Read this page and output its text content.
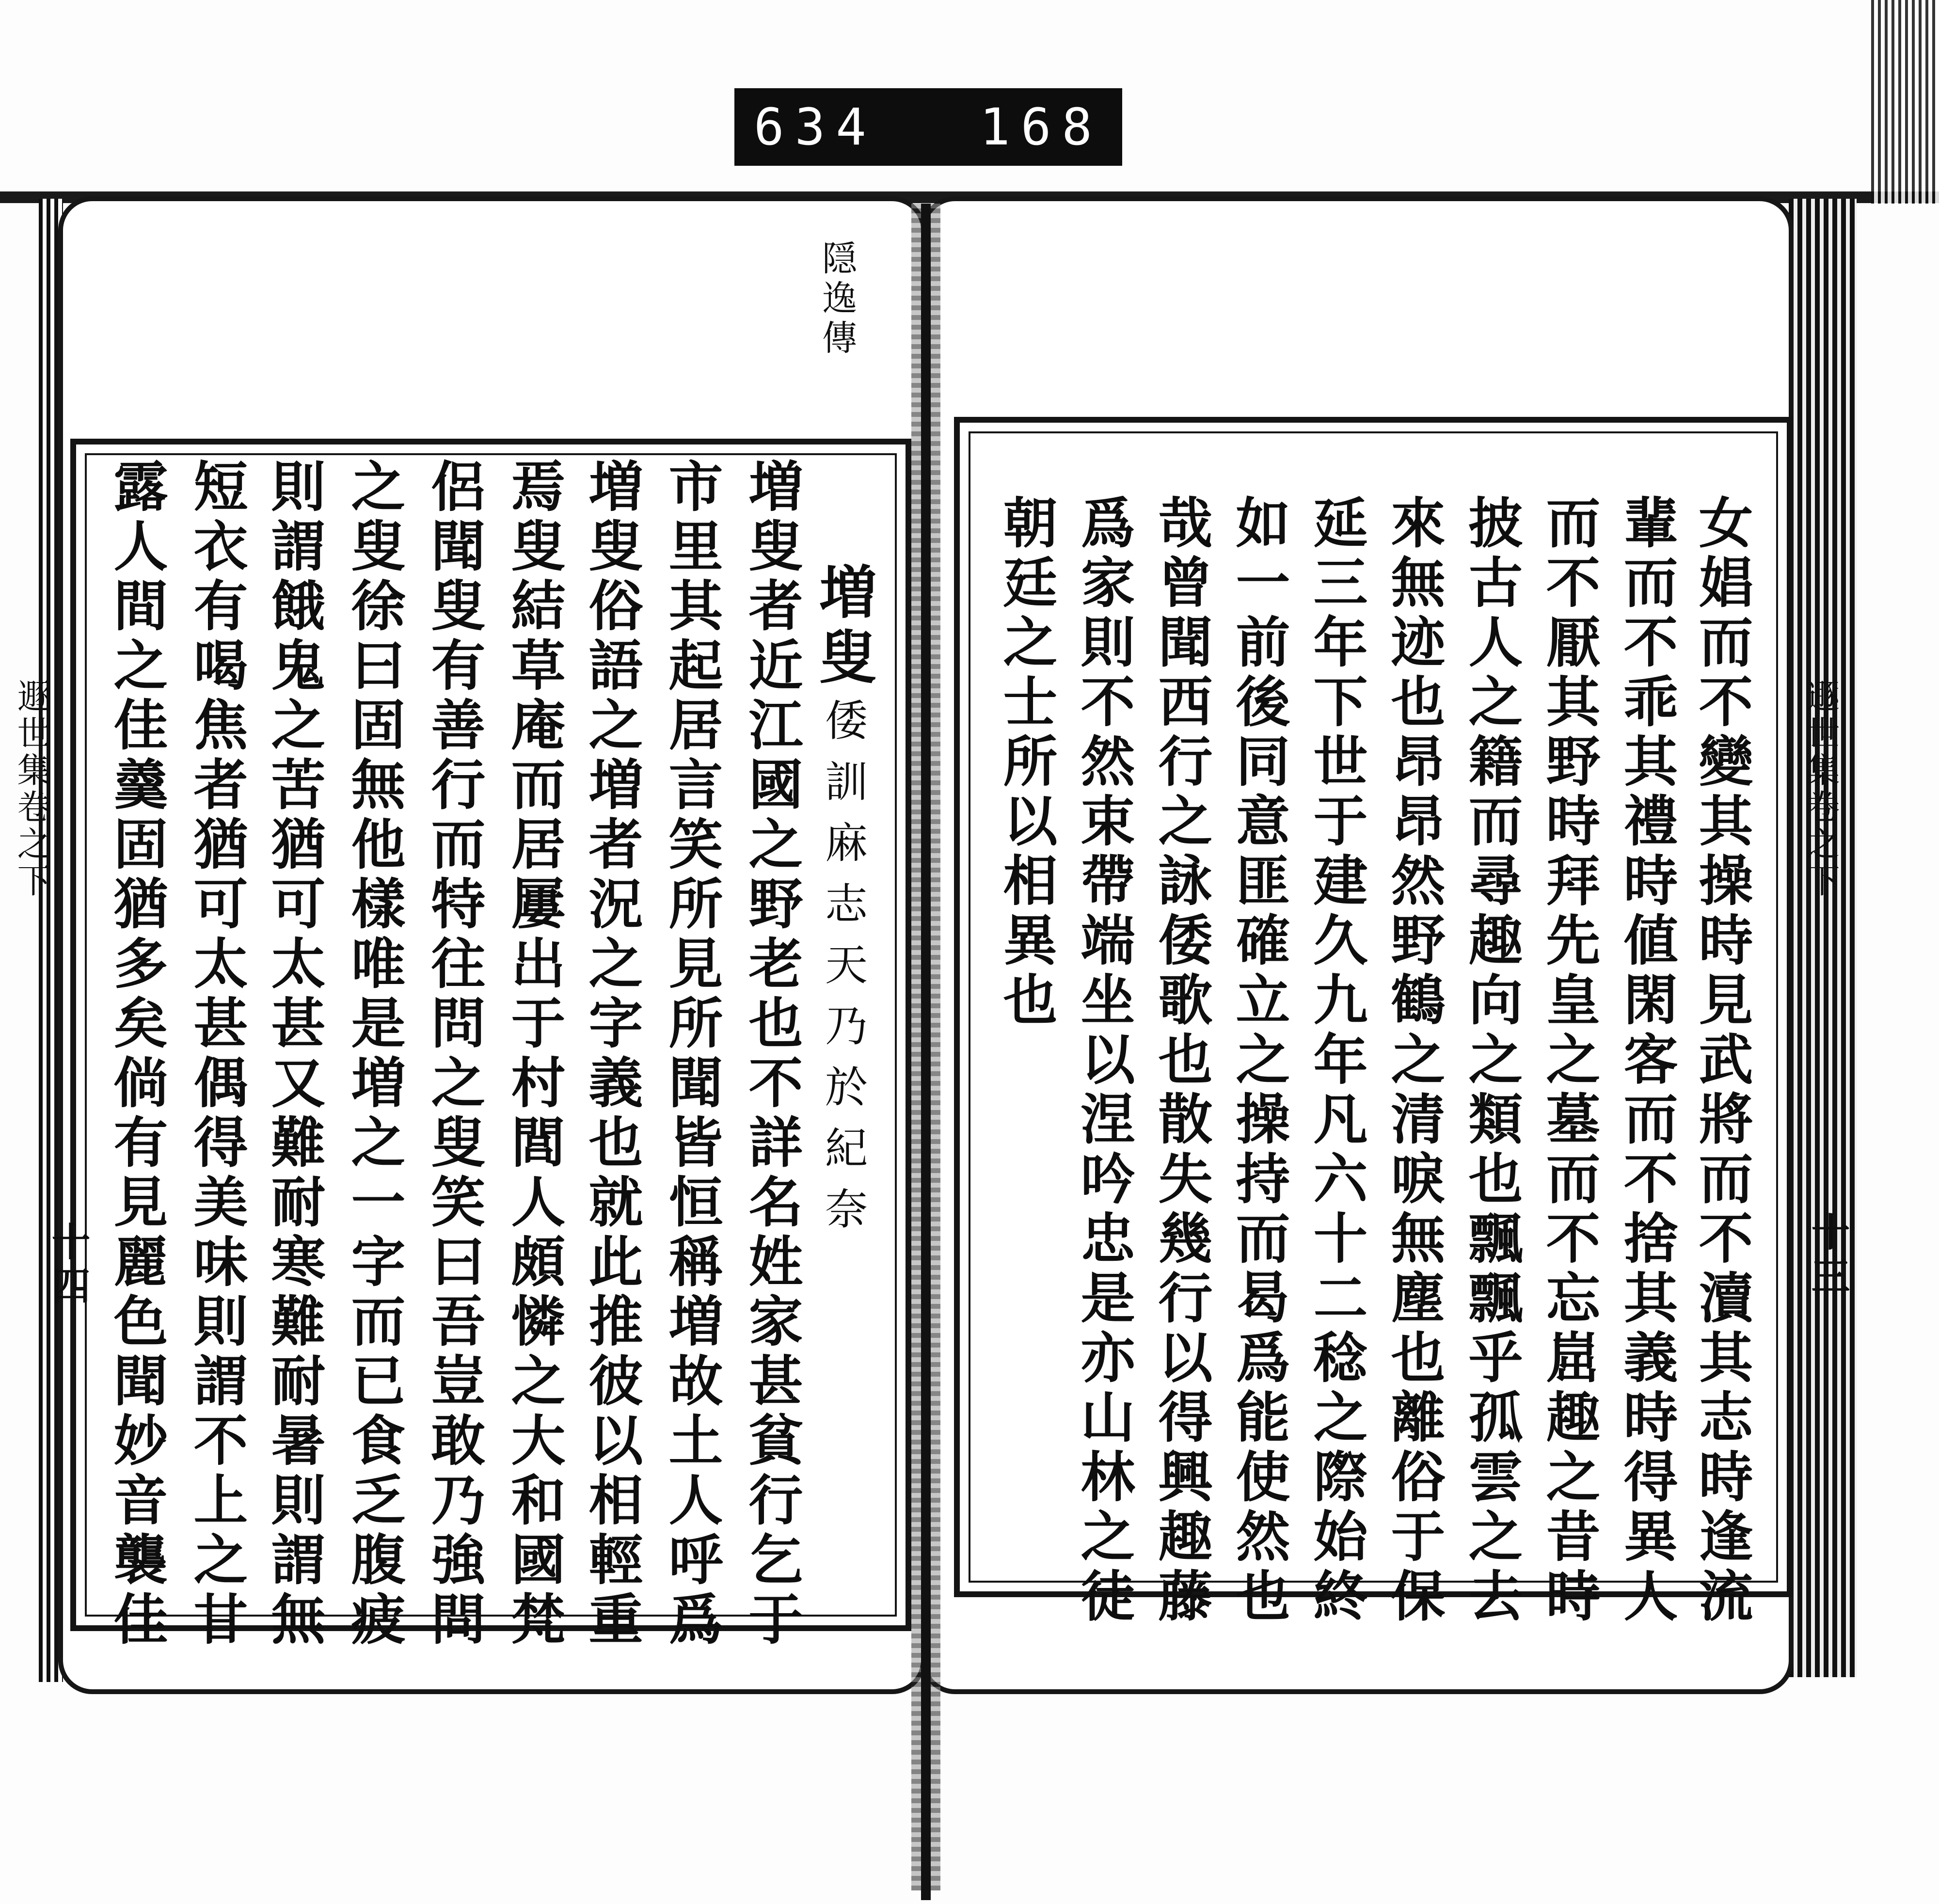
634 168
隠逸傳
遯世集卷之下
十四
増叟
倭訓麻志天乃於紀奈
増叟者近江國之野老也不詳名姓家甚貧行乞于
市里其起居言笑所見所聞皆恒稱増故土人呼爲
増叟俗語之増者況之字義也就此推彼以相輕重
焉叟結草庵而居屢出于村閭人頗憐之大和國梵
侶聞叟有善行而特往問之叟笑曰吾豈敢乃強問
之叟徐曰固無他樣唯是増之一字而已食乏腹疲
則謂餓鬼之苦猶可太甚又難耐寒難耐暑則謂無
短衣有喝焦者猶可太甚偶得美味則謂不上之甘
露人間之佳羹固猶多矣倘有見麗色聞妙音襲佳	遯世集卷之下
十三
女娼而不變其操時見武將而不瀆其志時逢流
輩而不乖其禮時値閑客而不捨其義時得異人
而不厭其野時拜先皇之墓而不忘崫趣之昔時
披古人之籍而尋趣向之類也飄飄乎孤雲之去
來無迹也昂昂然野鶴之清唳無塵也離俗于保
延三年下世于建久九年凡六十二稔之際始終
如一前後同意匪確立之操持而曷爲能使然也
哉曾聞西行之詠倭歌也散失幾行以得興趣藤
爲家則不然束帶端坐以涅吟忠是亦山林之徒
朝廷之士所以相異也
